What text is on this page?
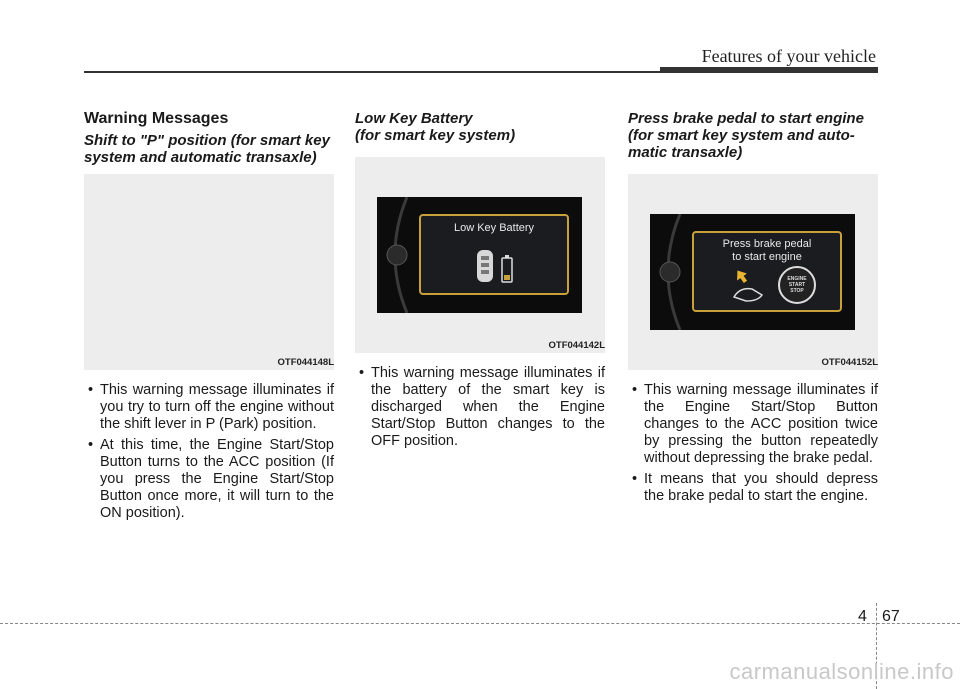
Features of your vehicle
Warning Messages
Shift to "P" position (for smart key system and automatic transaxle)
OTF044148L
• This warning message illuminates if you try to turn off the engine without the shift lever in P (Park) position.
• At this time, the Engine Start/Stop Button turns to the ACC position (If you press the Engine Start/Stop Button once more, it will turn to the ON position).
Low Key Battery
(for smart key system)
Low Key Battery
OTF044142L
• This warning message illuminates if the battery of the smart key is discharged when the Engine Start/Stop Button changes to the OFF position.
Press brake pedal to start engine (for smart key system and auto- matic transaxle)
Press brake pedal
to start engine
ENGINE
START
STOP
OTF044152L
• This warning message illuminates if the Engine Start/Stop Button changes to the ACC position twice by pressing the button repeatedly without depressing the brake pedal.
• It means that you should depress the brake pedal to start the engine.
4 67
carmanualsonline.info
